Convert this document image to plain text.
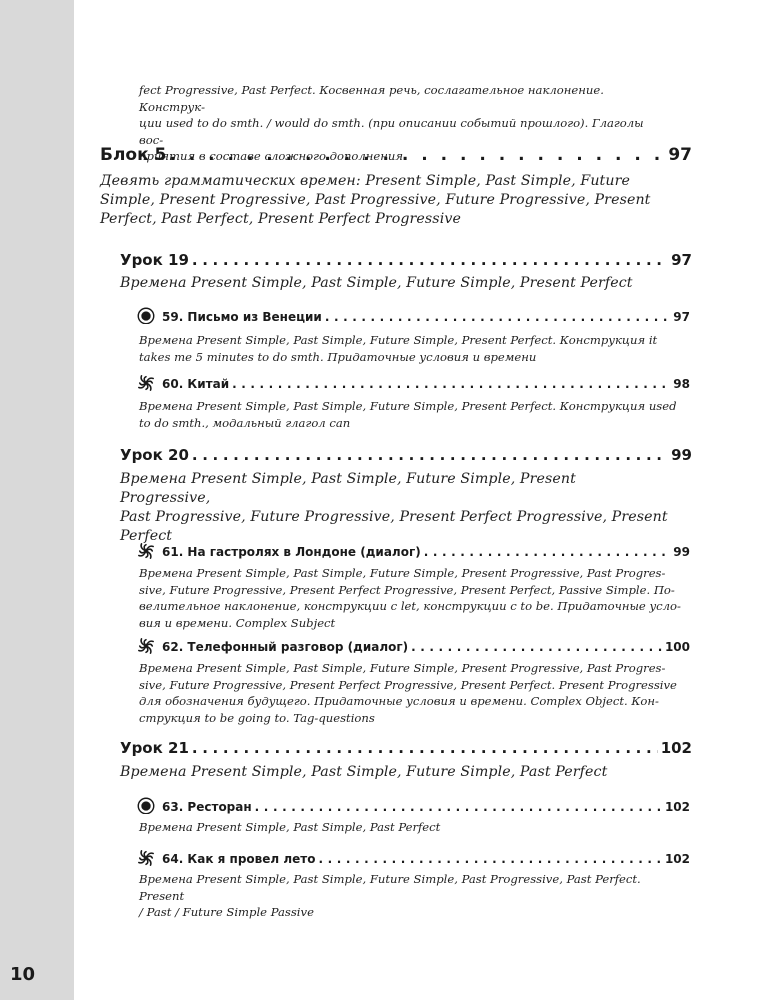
10

fect Progressive, Past Perfect. Косвенная речь, сослагательное наклонение. Конструк-

ции used to do smth. / would do smth. (при описании событий прошлого). Глаголы вос-

приятия в составе сложного дополнения

Блок 5 . . .	97

Девять грамматических времен: Present Simple, Past Simple, Future

Simple, Present Progressive, Past Progressive, Future Progressive, Present

Perfect, Past Perfect, Present Perfect Progressive

Урок 19 . . .	97

Времена Present Simple, Past Simple, Future Simple, Present Perfect

59. Письмо из Венеции . . .	97

Времена Present Simple, Past Simple, Future Simple, Present Perfect. Конструкция it

takes me 5 minutes to do smth. Придаточные условия и времени

60. Китай . . .	98

Времена Present Simple, Past Simple, Future Simple, Present Perfect. Конструкция used

to do smth., модальный глагол can

Урок 20 . . .	99

Времена Present Simple, Past Simple, Future Simple, Present Progressive,

Past Progressive, Future Progressive, Present Perfect Progressive, Present

Perfect

61. На гастролях в Лондоне (диалог) . . .	99

Времена Present Simple, Past Simple, Future Simple, Present Progressive, Past Progres-

sive, Future Progressive, Present Perfect Progressive, Present Perfect, Passive Simple. По-

велительное наклонение, конструкции с let, конструкции с to be. Придаточные усло-

вия и времени. Complex Subject

62. Телефонный разговор (диалог) . . .	100

Времена Present Simple, Past Simple, Future Simple, Present Progressive, Past Progres-

sive, Future Progressive, Present Perfect Progressive, Present Perfect. Present Progressive

для обозначения будущего. Придаточные условия и времени. Complex Object. Кон-

струкция to be going to. Tag-questions

Урок 21 . . .	102

Времена Present Simple, Past Simple, Future Simple, Past Perfect

63. Ресторан . . .	102

Времена Present Simple, Past Simple, Past Perfect

64. Как я провел лето . . .	102

Времена Present Simple, Past Simple, Future Simple, Past Progressive, Past Perfect. Present

/ Past / Future Simple Passive
